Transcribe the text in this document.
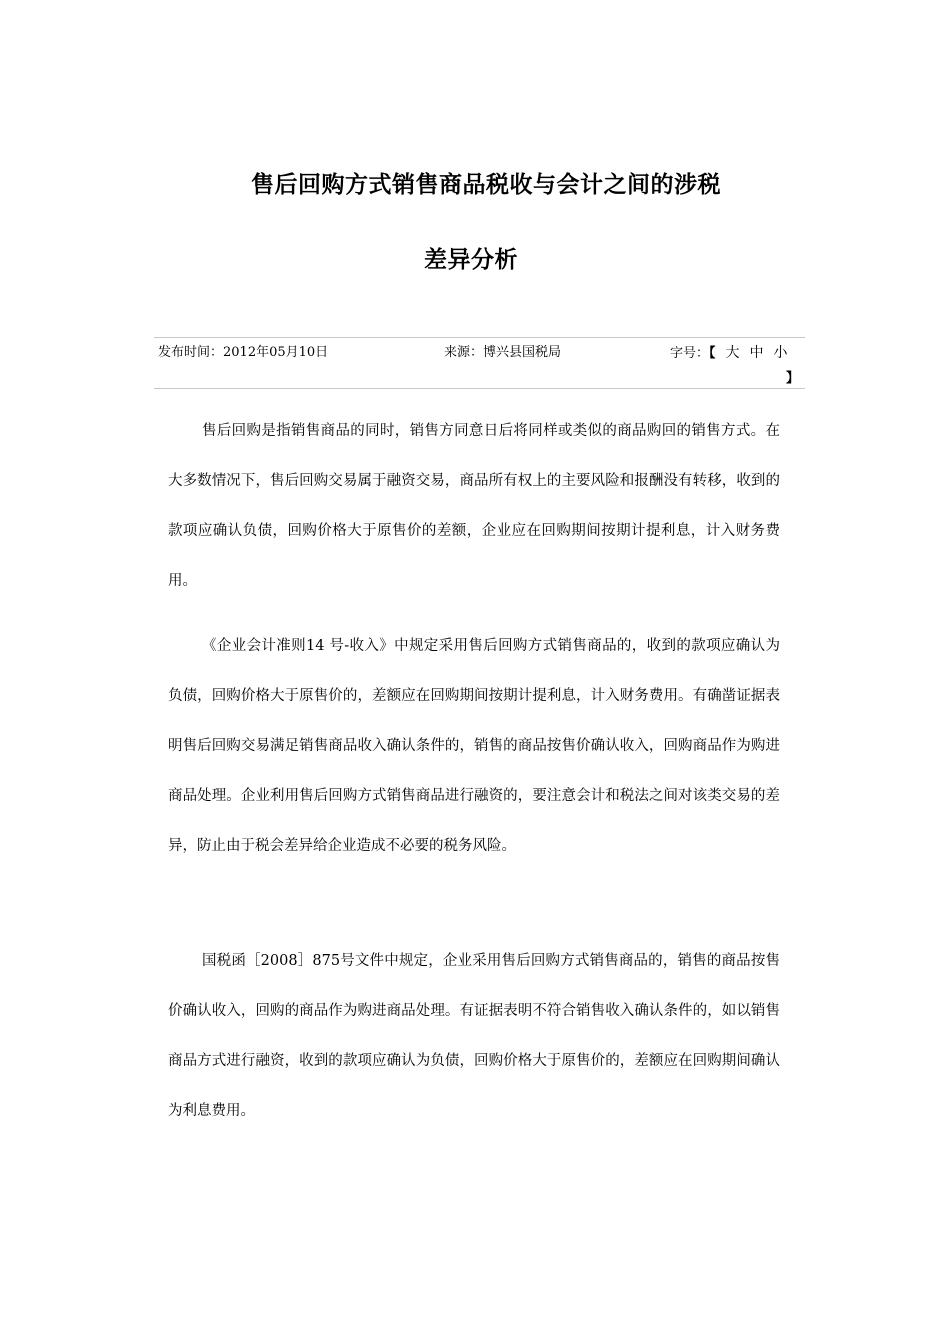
售后回购方式销售商品税收与会计之间的涉税
差异分析
发布时间：2012年05月10日	来源：博兴县国税局	字号：【 大 中 小
】

售后回购是指销售商品的同时，销售方同意日后将同样或类似的商品购回的销售方式。在大多数情况下，售后回购交易属于融资交易，商品所有权上的主要风险和报酬没有转移，收到的款项应确认负债，回购价格大于原售价的差额，企业应在回购期间按期计提利息，计入财务费用。

《企业会计准则14 号-收入》中规定采用售后回购方式销售商品的，收到的款项应确认为负债，回购价格大于原售价的，差额应在回购期间按期计提利息，计入财务费用。有确凿证据表明售后回购交易满足销售商品收入确认条件的，销售的商品按售价确认收入，回购商品作为购进商品处理。企业利用售后回购方式销售商品进行融资的，要注意会计和税法之间对该类交易的差异，防止由于税会差异给企业造成不必要的税务风险。

国税函［2008］875号文件中规定，企业采用售后回购方式销售商品的，销售的商品按售价确认收入，回购的商品作为购进商品处理。有证据表明不符合销售收入确认条件的，如以销售商品方式进行融资，收到的款项应确认为负债，回购价格大于原售价的，差额应在回购期间确认为利息费用。
